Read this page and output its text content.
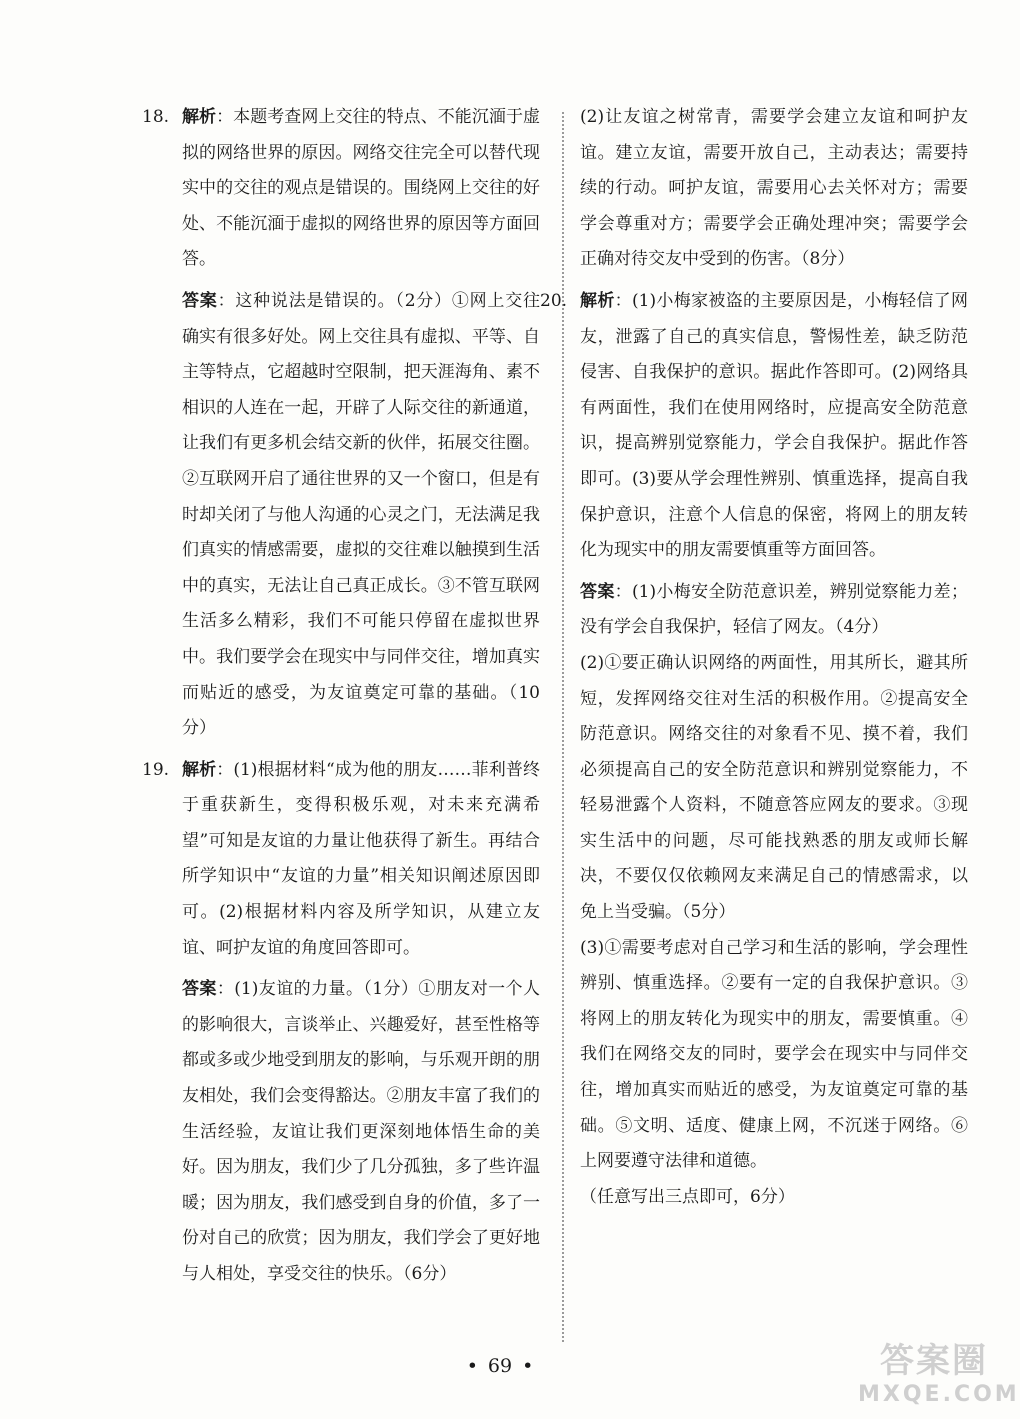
18. 解析：本题考查网上交往的特点、不能沉湎于虚拟的网络世界的原因。网络交往完全可以替代现实中的交往的观点是错误的。围绕网上交往的好处、不能沉湎于虚拟的网络世界的原因等方面回答。

答案：这种说法是错误的。（2分）①网上交往确实有很多好处。网上交往具有虚拟、平等、自主等特点，它超越时空限制，把天涯海角、素不相识的人连在一起，开辟了人际交往的新通道，让我们有更多机会结交新的伙伴，拓展交往圈。②互联网开启了通往世界的又一个窗口，但是有时却关闭了与他人沟通的心灵之门，无法满足我们真实的情感需要，虚拟的交往难以触摸到生活中的真实，无法让自己真正成长。③不管互联网生活多么精彩，我们不可能只停留在虚拟世界中。我们要学会在现实中与同伴交往，增加真实而贴近的感受，为友谊奠定可靠的基础。（10分）

19. 解析：(1)根据材料“成为他的朋友……菲利普终于重获新生，变得积极乐观，对未来充满希望”可知是友谊的力量让他获得了新生。再结合所学知识中“友谊的力量”相关知识阐述原因即可。(2)根据材料内容及所学知识，从建立友谊、呵护友谊的角度回答即可。

答案：(1)友谊的力量。（1分）①朋友对一个人的影响很大，言谈举止、兴趣爱好，甚至性格等都或多或少地受到朋友的影响，与乐观开朗的朋友相处，我们会变得豁达。②朋友丰富了我们的生活经验，友谊让我们更深刻地体悟生命的美好。因为朋友，我们少了几分孤独，多了些许温暖；因为朋友，我们感受到自身的价值，多了一份对自己的欣赏；因为朋友，我们学会了更好地与人相处，享受交往的快乐。（6分）

(2)让友谊之树常青，需要学会建立友谊和呵护友谊。建立友谊，需要开放自己，主动表达；需要持续的行动。呵护友谊，需要用心去关怀对方；需要学会尊重对方；需要学会正确处理冲突；需要学会正确对待交友中受到的伤害。（8分）

20. 解析：(1)小梅家被盗的主要原因是，小梅轻信了网友，泄露了自己的真实信息，警惕性差，缺乏防范侵害、自我保护的意识。据此作答即可。(2)网络具有两面性，我们在使用网络时，应提高安全防范意识，提高辨别觉察能力，学会自我保护。据此作答即可。(3)要从学会理性辨别、慎重选择，提高自我保护意识，注意个人信息的保密，将网上的朋友转化为现实中的朋友需要慎重等方面回答。

答案：(1)小梅安全防范意识差，辨别觉察能力差；没有学会自我保护，轻信了网友。（4分）

(2)①要正确认识网络的两面性，用其所长，避其所短，发挥网络交往对生活的积极作用。②提高安全防范意识。网络交往的对象看不见、摸不着，我们必须提高自己的安全防范意识和辨别觉察能力，不轻易泄露个人资料，不随意答应网友的要求。③现实生活中的问题，尽可能找熟悉的朋友或师长解决，不要仅仅依赖网友来满足自己的情感需求，以免上当受骗。（5分）

(3)①需要考虑对自己学习和生活的影响，学会理性辨别、慎重选择。②要有一定的自我保护意识。③将网上的朋友转化为现实中的朋友，需要慎重。④我们在网络交友的同时，要学会在现实中与同伴交往，增加真实而贴近的感受，为友谊奠定可靠的基础。⑤文明、适度、健康上网，不沉迷于网络。⑥上网要遵守法律和道德。

（任意写出三点即可，6分）

• 69 •	答案圈
MXQE.COM
